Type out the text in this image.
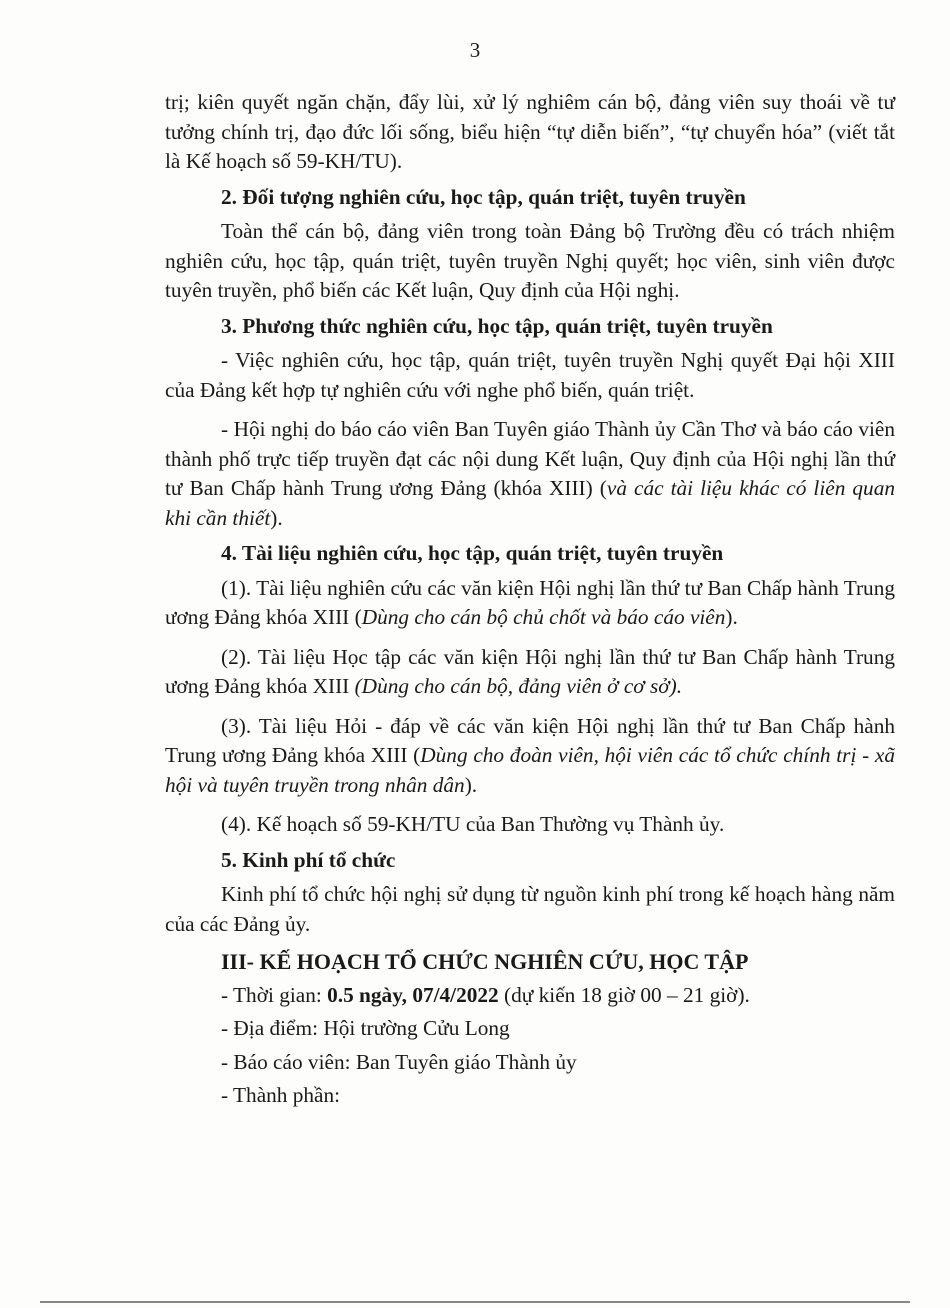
3

trị; kiên quyết ngăn chặn, đẩy lùi, xử lý nghiêm cán bộ, đảng viên suy thoái về tư tưởng chính trị, đạo đức lối sống, biểu hiện “tự diễn biến”, “tự chuyển hóa” (viết tắt là Kế hoạch số 59-KH/TU).

2. Đối tượng nghiên cứu, học tập, quán triệt, tuyên truyền

Toàn thể cán bộ, đảng viên trong toàn Đảng bộ Trường đều có trách nhiệm nghiên cứu, học tập, quán triệt, tuyên truyền Nghị quyết; học viên, sinh viên được tuyên truyền, phổ biến các Kết luận, Quy định của Hội nghị.

3. Phương thức nghiên cứu, học tập, quán triệt, tuyên truyền

- Việc nghiên cứu, học tập, quán triệt, tuyên truyền Nghị quyết Đại hội XIII của Đảng kết hợp tự nghiên cứu với nghe phổ biến, quán triệt.

- Hội nghị do báo cáo viên Ban Tuyên giáo Thành ủy Cần Thơ và báo cáo viên thành phố trực tiếp truyền đạt các nội dung Kết luận, Quy định của Hội nghị lần thứ tư Ban Chấp hành Trung ương Đảng (khóa XIII) (và các tài liệu khác có liên quan khi cần thiết).

4. Tài liệu nghiên cứu, học tập, quán triệt, tuyên truyền

(1). Tài liệu nghiên cứu các văn kiện Hội nghị lần thứ tư Ban Chấp hành Trung ương Đảng khóa XIII (Dùng cho cán bộ chủ chốt và báo cáo viên).

(2). Tài liệu Học tập các văn kiện Hội nghị lần thứ tư Ban Chấp hành Trung ương Đảng khóa XIII (Dùng cho cán bộ, đảng viên ở cơ sở).

(3). Tài liệu Hỏi - đáp về các văn kiện Hội nghị lần thứ tư Ban Chấp hành Trung ương Đảng khóa XIII (Dùng cho đoàn viên, hội viên các tổ chức chính trị - xã hội và tuyên truyền trong nhân dân).

(4). Kế hoạch số 59-KH/TU của Ban Thường vụ Thành ủy.

5. Kinh phí tổ chức

Kinh phí tổ chức hội nghị sử dụng từ nguồn kinh phí trong kế hoạch hàng năm của các Đảng ủy.

III- KẾ HOẠCH TỔ CHỨC NGHIÊN CỨU, HỌC TẬP

- Thời gian: 0.5 ngày, 07/4/2022 (dự kiến 18 giờ 00 – 21 giờ).

- Địa điểm: Hội trường Cửu Long

- Báo cáo viên: Ban Tuyên giáo Thành ủy

- Thành phần:
